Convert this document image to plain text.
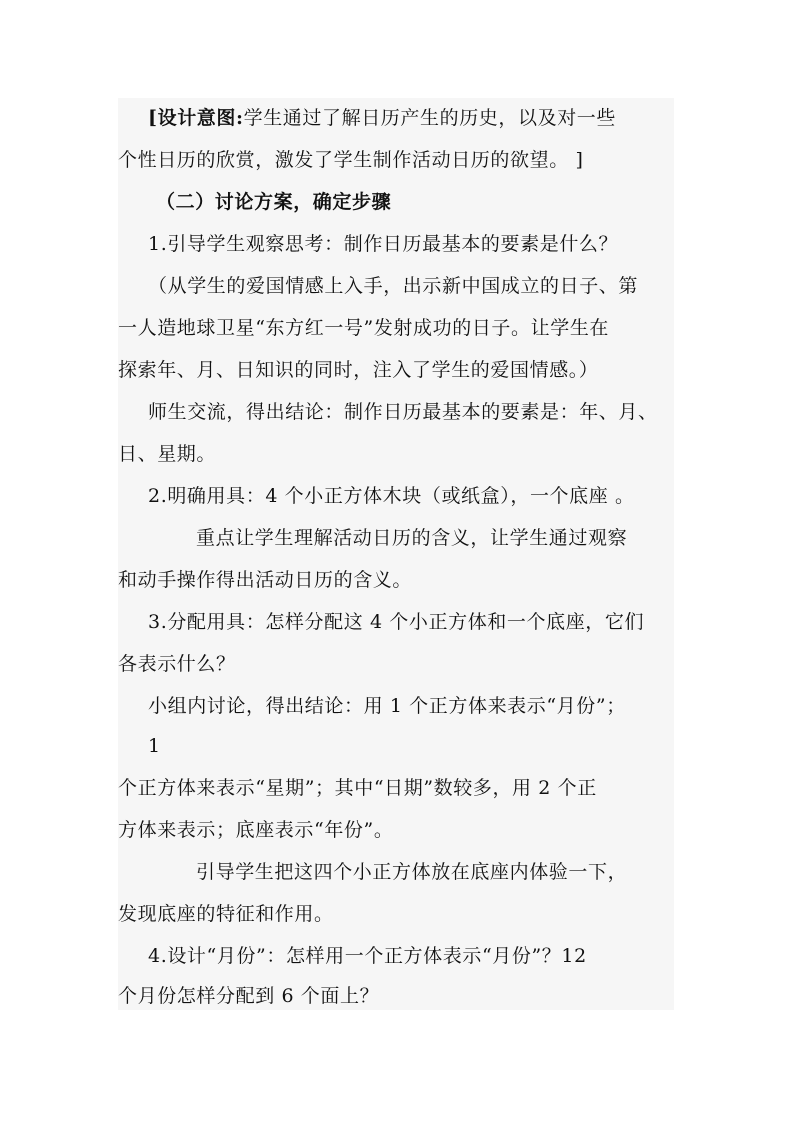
[设计意图:学生通过了解日历产生的历史，以及对一些
个性日历的欣赏，激发了学生制作活动日历的欲望。 ]
（二）讨论方案，确定步骤
1.引导学生观察思考：制作日历最基本的要素是什么？
（从学生的爱国情感上入手，出示新中国成立的日子、第
一人造地球卫星“东方红一号”发射成功的日子。让学生在
探索年、月、日知识的同时，注入了学生的爱国情感。）
师生交流，得出结论：制作日历最基本的要素是：年、月、
日、星期。
2.明确用具：4 个小正方体木块（或纸盒），一个底座 。
重点让学生理解活动日历的含义，让学生通过观察
和动手操作得出活动日历的含义。
3.分配用具：怎样分配这 4 个小正方体和一个底座，它们
各表示什么？
小组内讨论，得出结论：用 1 个正方体来表示“月份”；
1
个正方体来表示“星期”；其中“日期”数较多，用 2 个正
方体来表示；底座表示“年份”。
引导学生把这四个小正方体放在底座内体验一下，
发现底座的特征和作用。
4.设计“月份”：怎样用一个正方体表示“月份”？12
个月份怎样分配到 6 个面上？
